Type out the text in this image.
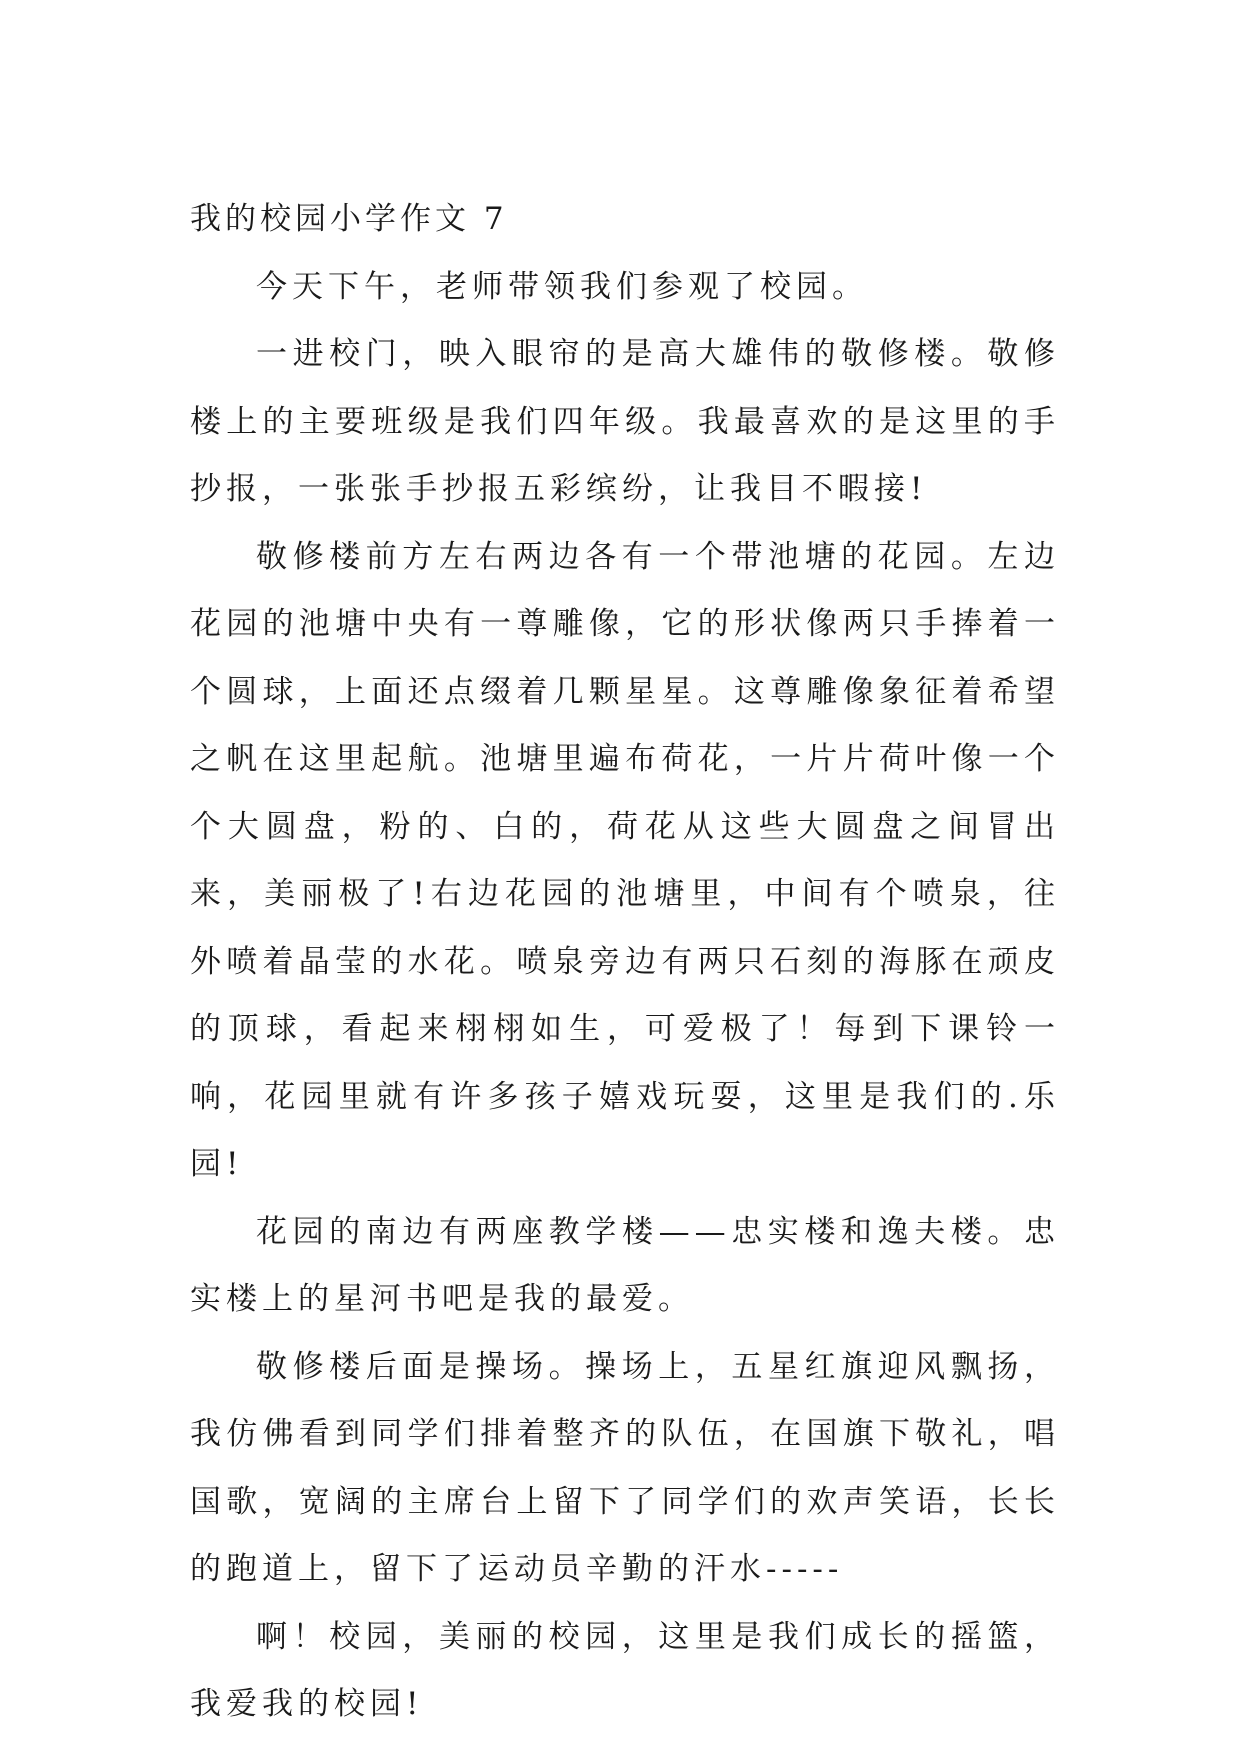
我的校园小学作文 7

今天下午，老师带领我们参观了校园。

一进校门，映入眼帘的是高大雄伟的敬修楼。敬修楼上的主要班级是我们四年级。我最喜欢的是这里的手抄报，一张张手抄报五彩缤纷，让我目不暇接!

敬修楼前方左右两边各有一个带池塘的花园。左边花园的池塘中央有一尊雕像，它的形状像两只手捧着一个圆球，上面还点缀着几颗星星。这尊雕像象征着希望之帆在这里起航。池塘里遍布荷花，一片片荷叶像一个个大圆盘，粉的、白的，荷花从这些大圆盘之间冒出来，美丽极了!右边花园的池塘里，中间有个喷泉，往外喷着晶莹的水花。喷泉旁边有两只石刻的海豚在顽皮的顶球，看起来栩栩如生，可爱极了！每到下课铃一响，花园里就有许多孩子嬉戏玩耍，这里是我们的.乐园!

花园的南边有两座教学楼——忠实楼和逸夫楼。忠实楼上的星河书吧是我的最爱。

敬修楼后面是操场。操场上，五星红旗迎风飘扬，我仿佛看到同学们排着整齐的队伍，在国旗下敬礼，唱国歌，宽阔的主席台上留下了同学们的欢声笑语，长长的跑道上，留下了运动员辛勤的汗水-----

啊！校园，美丽的校园，这里是我们成长的摇篮，我爱我的校园!
